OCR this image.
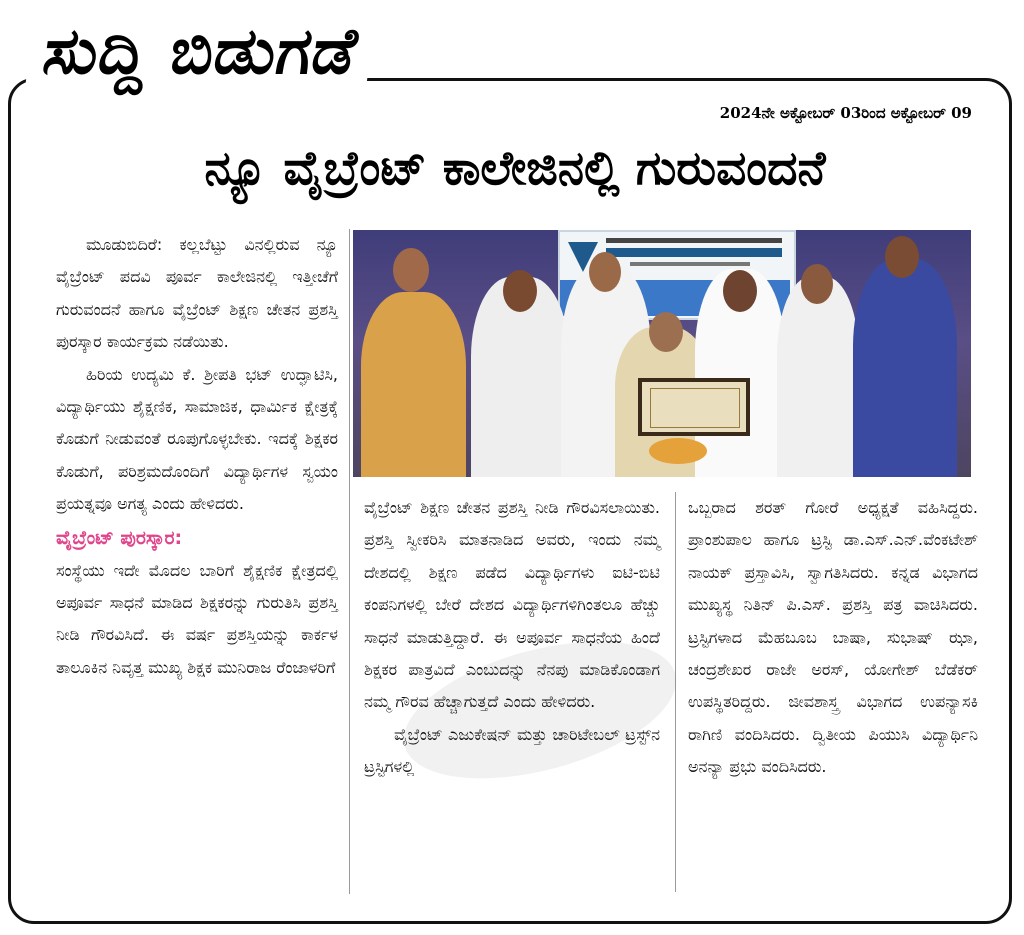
ಸುದ್ದಿ ಬಿಡುಗಡೆ
2024ನೇ ಅಕ್ಟೋಬರ್ 03ರಿಂದ ಅಕ್ಟೋಬರ್ 09
ನ್ಯೂ ವೈಬ್ರೆಂಟ್ ಕಾಲೇಜಿನಲ್ಲಿ ಗುರುವಂದನೆ

ಮೂಡುಬಿದಿರೆ: ಕಲ್ಲಬೆಟ್ಟು ವಿನಲ್ಲಿರುವ ನ್ಯೂ ವೈಬ್ರೆಂಟ್ ಪದವಿ ಪೂರ್ವ ಕಾಲೇಜಿನಲ್ಲಿ ಇತ್ತೀಚೆಗೆ ಗುರುವಂದನೆ ಹಾಗೂ ವೈಬ್ರೆಂಟ್ ಶಿಕ್ಷಣ ಚೇತನ ಪ್ರಶಸ್ತಿ ಪುರಸ್ಕಾರ ಕಾರ್ಯಕ್ರಮ ನಡೆಯಿತು.

ಹಿರಿಯ ಉದ್ಯಮಿ ಕೆ. ಶ್ರೀಪತಿ ಭಟ್ ಉದ್ಘಾಟಿಸಿ, ವಿದ್ಯಾರ್ಥಿಯು ಶೈಕ್ಷಣಿಕ, ಸಾಮಾಜಿಕ, ಧಾರ್ಮಿಕ ಕ್ಷೇತ್ರಕ್ಕೆ ಕೊಡುಗೆ ನೀಡುವಂತೆ ರೂಪುಗೊಳ್ಳಬೇಕು. ಇದಕ್ಕೆ ಶಿಕ್ಷಕರ ಕೊಡುಗೆ, ಪರಿಶ್ರಮದೊಂದಿಗೆ ವಿದ್ಯಾರ್ಥಿಗಳ ಸ್ವಯಂ ಪ್ರಯತ್ನವೂ ಅಗತ್ಯ ಎಂದು ಹೇಳಿದರು.

ವೈಬ್ರೆಂಟ್ ಪುರಸ್ಕಾರ:

ಸಂಸ್ಥೆಯು ಇದೇ ಮೊದಲ ಬಾರಿಗೆ ಶೈಕ್ಷಣಿಕ ಕ್ಷೇತ್ರದಲ್ಲಿ ಅಪೂರ್ವ ಸಾಧನೆ ಮಾಡಿದ ಶಿಕ್ಷಕರನ್ನು ಗುರುತಿಸಿ ಪ್ರಶಸ್ತಿ ನೀಡಿ ಗೌರವಿಸಿದೆ. ಈ ವರ್ಷ ಪ್ರಶಸ್ತಿಯನ್ನು ಕಾರ್ಕಳ ತಾಲೂಕಿನ ನಿವೃತ್ತ ಮುಖ್ಯ ಶಿಕ್ಷಕ ಮುನಿರಾಜ ರೆಂಜಾಳರಿಗೆ

ವೈಬ್ರೆಂಟ್ ಶಿಕ್ಷಣ ಚೇತನ ಪ್ರಶಸ್ತಿ ನೀಡಿ ಗೌರವಿಸಲಾಯಿತು. ಪ್ರಶಸ್ತಿ ಸ್ವೀಕರಿಸಿ ಮಾತನಾಡಿದ ಅವರು, ಇಂದು ನಮ್ಮ ದೇಶದಲ್ಲಿ ಶಿಕ್ಷಣ ಪಡೆದ ವಿದ್ಯಾರ್ಥಿಗಳು ಐಟಿ-ಬಿಟಿ ಕಂಪನಿಗಳಲ್ಲಿ ಬೇರೆ ದೇಶದ ವಿದ್ಯಾರ್ಥಿಗಳಿಗಿಂತಲೂ ಹೆಚ್ಚು ಸಾಧನೆ ಮಾಡುತ್ತಿದ್ದಾರೆ. ಈ ಅಪೂರ್ವ ಸಾಧನೆಯ ಹಿಂದೆ ಶಿಕ್ಷಕರ ಪಾತ್ರವಿದೆ ಎಂಬುದನ್ನು ನೆನಪು ಮಾಡಿಕೊಂಡಾಗ ನಮ್ಮ ಗೌರವ ಹೆಚ್ಚಾಗುತ್ತದೆ ಎಂದು ಹೇಳಿದರು.

ವೈಬ್ರೆಂಟ್ ಎಜುಕೇಷನ್ ಮತ್ತು ಚಾರಿಟೇಬಲ್ ಟ್ರಸ್ಟ್‌ನ ಟ್ರಸ್ಟಿಗಳಲ್ಲಿ

ಒಬ್ಬರಾದ ಶರತ್ ಗೋರೆ ಅಧ್ಯಕ್ಷತೆ ವಹಿಸಿದ್ದರು. ಪ್ರಾಂಶುಪಾಲ ಹಾಗೂ ಟ್ರಸ್ಟಿ ಡಾ.ಎಸ್.ಎನ್.ವೆಂಕಟೇಶ್ ನಾಯಕ್ ಪ್ರಸ್ತಾವಿಸಿ, ಸ್ವಾಗತಿಸಿದರು. ಕನ್ನಡ ವಿಭಾಗದ ಮುಖ್ಯಸ್ಥ ನಿತಿನ್ ಪಿ.ಎಸ್. ಪ್ರಶಸ್ತಿ ಪತ್ರ ವಾಚಿಸಿದರು. ಟ್ರಸ್ಟಿಗಳಾದ ಮೆಹಬೂಬ ಬಾಷಾ, ಸುಭಾಷ್ ಝಾ, ಚಂದ್ರಶೇಖರ ರಾಜೇ ಅರಸ್, ಯೋಗೇಶ್ ಬೆಡೆಕರ್ ಉಪಸ್ಥಿತರಿದ್ದರು. ಜೀವಶಾಸ್ತ್ರ ವಿಭಾಗದ ಉಪನ್ಯಾಸಕಿ ರಾಗಿಣಿ ವಂದಿಸಿದರು. ದ್ವಿತೀಯ ಪಿಯುಸಿ ವಿದ್ಯಾರ್ಥಿನಿ ಅನನ್ಯಾ ಪ್ರಭು ವಂದಿಸಿದರು.
